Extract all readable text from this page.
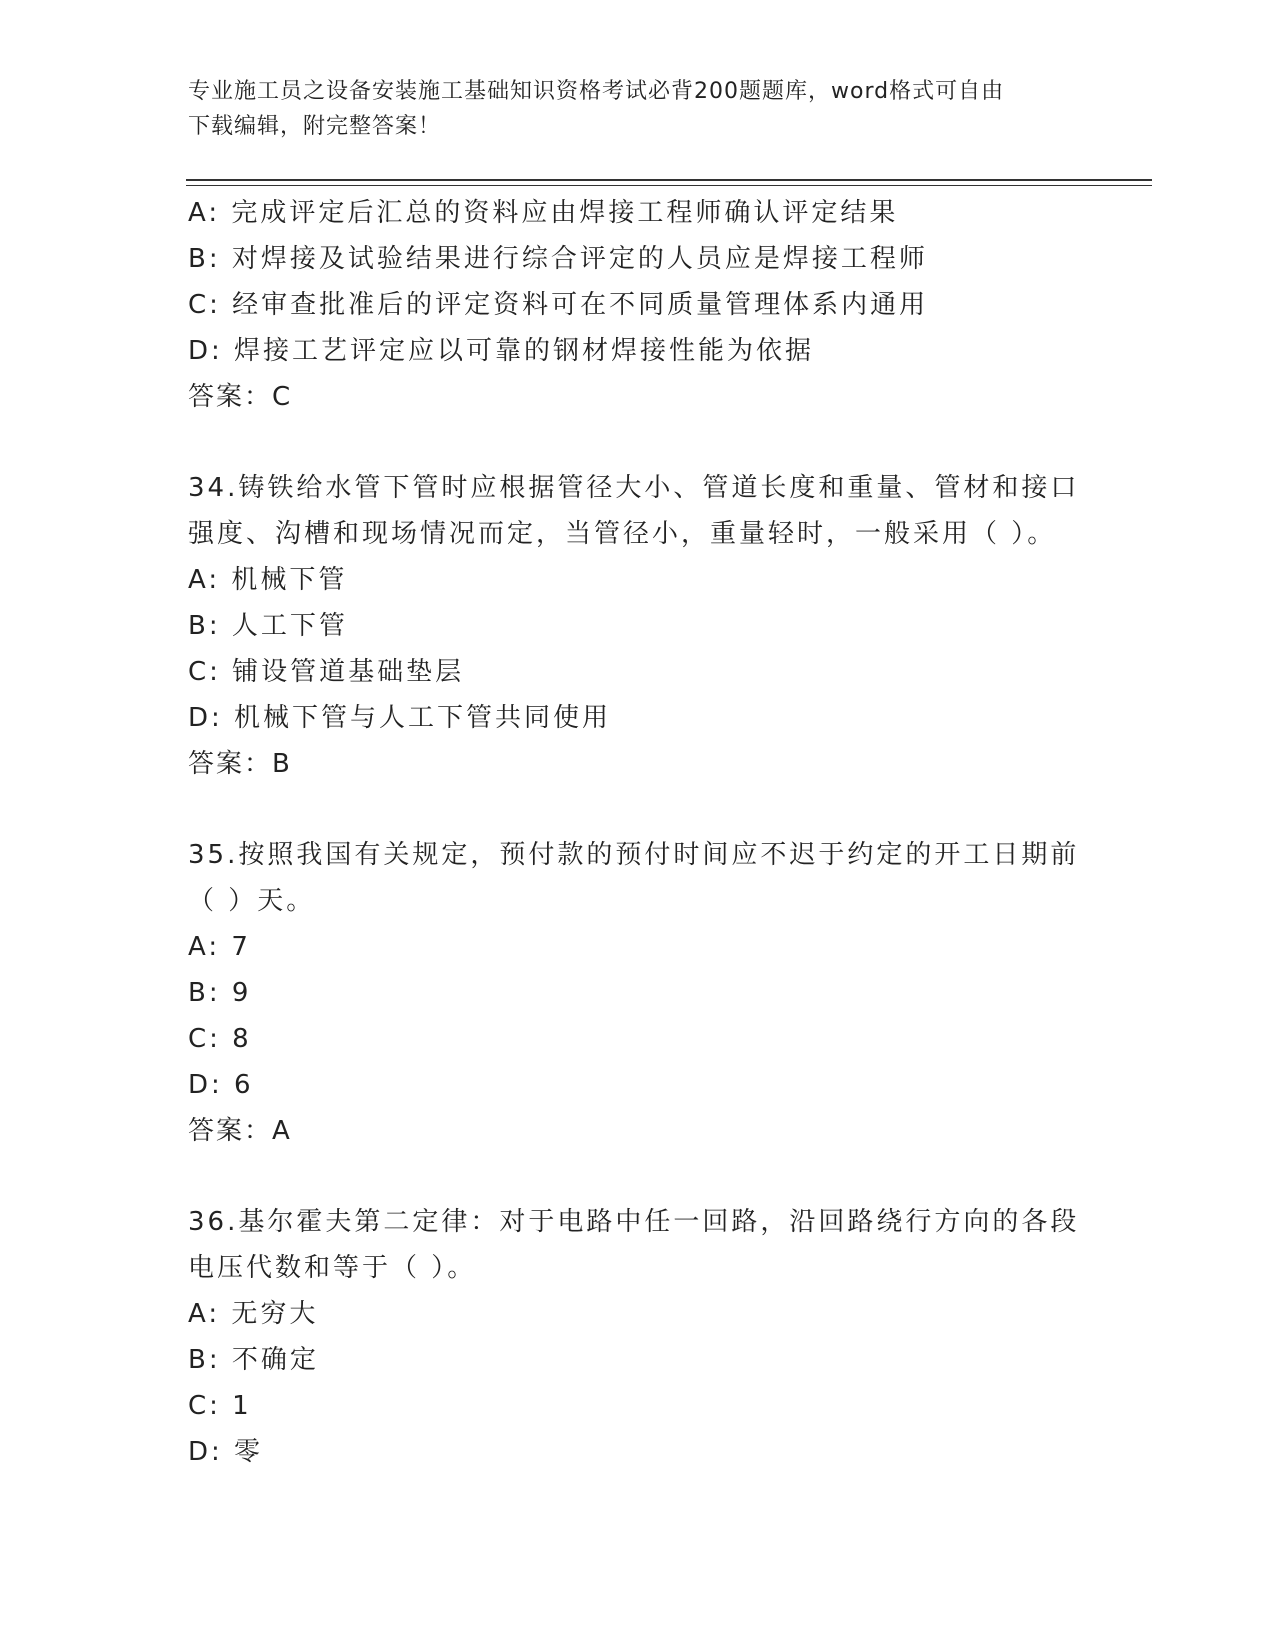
专业施工员之设备安装施工基础知识资格考试必背200题题库，word格式可自由
下载编辑，附完整答案！
A: 完成评定后汇总的资料应由焊接工程师确认评定结果
B: 对焊接及试验结果进行综合评定的人员应是焊接工程师
C: 经审查批准后的评定资料可在不同质量管理体系内通用
D: 焊接工艺评定应以可靠的钢材焊接性能为依据
答案：C
34.铸铁给水管下管时应根据管径大小、管道长度和重量、管材和接口
强度、沟槽和现场情况而定，当管径小，重量轻时，一般采用（ ）。
A: 机械下管
B: 人工下管
C: 铺设管道基础垫层
D: 机械下管与人工下管共同使用
答案：B
35.按照我国有关规定，预付款的预付时间应不迟于约定的开工日期前
（ ）天。
A: 7
B: 9
C: 8
D: 6
答案：A
36.基尔霍夫第二定律：对于电路中任一回路，沿回路绕行方向的各段
电压代数和等于（ ）。
A: 无穷大
B: 不确定
C: 1
D: 零
